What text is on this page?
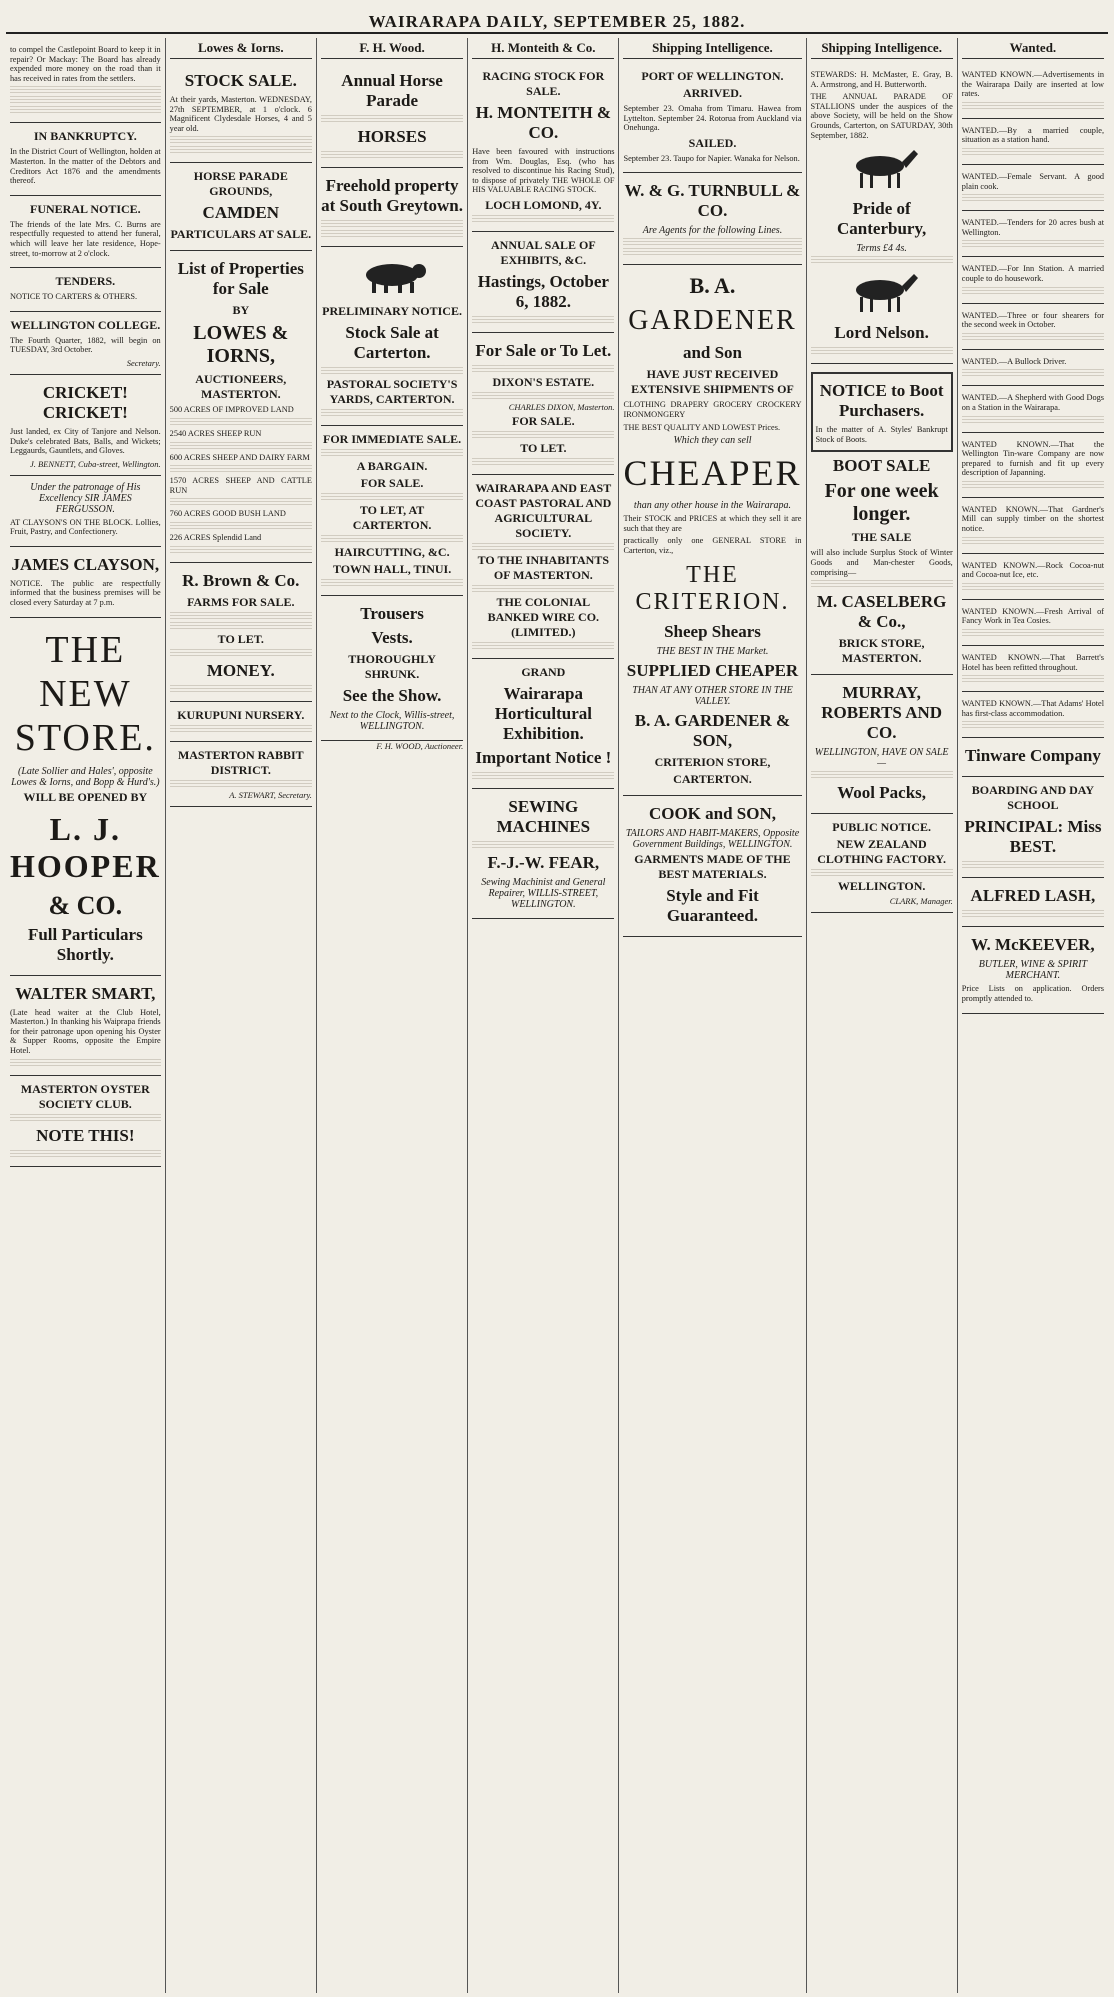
WAIRARAPA DAILY, SEPTEMBER 25, 1882.
to compel the Castlepoint Board to keep it in repair? Or Mackay: The Board has already expended more money on the road than it has received in rates from the settlers.
IN BANKRUPTCY.
In the District Court of Wellington, holden at Masterton. In the matter of the Debtors and Creditors Act 1876 and the amendments thereof.
FUNERAL NOTICE.
The friends of the late Mrs. C. Burns are respectfully requested to attend her funeral, which will leave her late residence, Hope-street, to-morrow at 2 o'clock.
TENDERS.
NOTICE TO CARTERS & OTHERS.
WELLINGTON COLLEGE.
The Fourth Quarter, 1882, will begin on TUESDAY, 3rd October.
Secretary.
CRICKET! CRICKET!
Just landed, ex City of Tanjore and Nelson. Duke's celebrated Bats, Balls, and Wickets; Leggaurds, Gauntlets, and Gloves.
J. BENNETT, Cuba-street, Wellington.
Under the patronage of His Excellency SIR JAMES FERGUSSON.
AT CLAYSON'S ON THE BLOCK. Lollies, Fruit, Pastry, and Confectionery.
JAMES CLAYSON,
NOTICE. The public are respectfully informed that the business premises will be closed every Saturday at 7 p.m.
THE NEW STORE.
(Late Sollier and Hales', opposite Lowes & Iorns, and Bopp & Hurd's.)
WILL BE OPENED BY
L. J. HOOPER
& CO.
Full Particulars Shortly.
WALTER SMART,
(Late head waiter at the Club Hotel, Masterton.) In thanking his Waiprapa friends for their patronage upon opening his Oyster & Supper Rooms, opposite the Empire Hotel.
MASTERTON OYSTER SOCIETY CLUB.
NOTE THIS!
Lowes & Iorns.
STOCK SALE.
At their yards, Masterton. WEDNESDAY, 27th SEPTEMBER, at 1 o'clock. 6 Magnificent Clydesdale Horses, 4 and 5 year old.
HORSE PARADE GROUNDS,
CAMDEN
PARTICULARS AT SALE.
List of Properties for Sale
BY
LOWES & IORNS,
AUCTIONEERS, MASTERTON.
500 ACRES OF IMPROVED LAND
2540 ACRES SHEEP RUN
600 ACRES SHEEP AND DAIRY FARM
1570 ACRES SHEEP AND CATTLE RUN
760 ACRES GOOD BUSH LAND
226 ACRES Splendid Land
R. Brown & Co.
FARMS FOR SALE.
TO LET.
MONEY.
KURUPUNI NURSERY.
MASTERTON RABBIT DISTRICT.
A. STEWART, Secretary.
F. H. Wood.
Annual Horse Parade
HORSES
Freehold property at South Greytown.
PRELIMINARY NOTICE.
Stock Sale at Carterton.
PASTORAL SOCIETY'S YARDS, CARTERTON.
FOR IMMEDIATE SALE.
A BARGAIN.
FOR SALE.
TO LET, AT CARTERTON.
HAIRCUTTING, &C.
TOWN HALL, TINUI.
Trousers
Vests.
THOROUGHLY SHRUNK.
See the Show.
Next to the Clock, Willis-street, WELLINGTON.
F. H. WOOD, Auctioneer.
H. Monteith & Co.
RACING STOCK FOR SALE.
H. MONTEITH & CO.
Have been favoured with instructions from Wm. Douglas, Esq. (who has resolved to discontinue his Racing Stud), to dispose of privately THE WHOLE OF HIS VALUABLE RACING STOCK.
LOCH LOMOND, 4Y.
ANNUAL SALE OF EXHIBITS, &C.
Hastings, October 6, 1882.
For Sale or To Let.
DIXON'S ESTATE.
CHARLES DIXON, Masterton.
FOR SALE.
TO LET.
WAIRARAPA AND EAST COAST PASTORAL AND AGRICULTURAL SOCIETY.
TO THE INHABITANTS OF MASTERTON.
THE COLONIAL BANKED WIRE CO. (LIMITED.)
GRAND
Wairarapa Horticultural Exhibition.
Important Notice !
SEWING MACHINES
F.-J.-W. FEAR,
Sewing Machinist and General Repairer, WILLIS-STREET, WELLINGTON.
Shipping Intelligence.
PORT OF WELLINGTON.
ARRIVED.
September 23. Omaha from Timaru. Hawea from Lyttelton. September 24. Rotorua from Auckland via Onehunga.
SAILED.
September 23. Taupo for Napier. Wanaka for Nelson.
W. & G. TURNBULL & CO.
Are Agents for the following Lines.
B. A.
GARDENER
and Son
HAVE JUST RECEIVED EXTENSIVE SHIPMENTS OF
CLOTHING DRAPERY GROCERY CROCKERY IRONMONGERY
THE BEST QUALITY AND LOWEST Prices.
Which they can sell
CHEAPER
than any other house in the Wairarapa.
Their STOCK and PRICES at which they sell it are such that they are
practically only one GENERAL STORE in Carterton, viz.,
THE CRITERION.
Sheep Shears
THE BEST IN THE Market.
SUPPLIED CHEAPER
THAN AT ANY OTHER STORE IN THE VALLEY.
B. A. GARDENER & SON,
CRITERION STORE,
CARTERTON.
COOK and SON,
TAILORS AND HABIT-MAKERS, Opposite Government Buildings, WELLINGTON.
GARMENTS MADE OF THE BEST MATERIALS.
Style and Fit Guaranteed.
Shipping Intelligence.
STEWARDS: H. McMaster, E. Gray, B. A. Armstrong, and H. Butterworth.
THE ANNUAL PARADE OF STALLIONS under the auspices of the above Society, will be held on the Show Grounds, Carterton, on SATURDAY, 30th September, 1882.
Pride of Canterbury,
Terms £4 4s.
Lord Nelson.
NOTICE to Boot Purchasers.
In the matter of A. Styles' Bankrupt Stock of Boots.
BOOT SALE
For one week longer.
THE SALE
will also include Surplus Stock of Winter Goods and Man-chester Goods, comprising—
M. CASELBERG & Co.,
BRICK STORE, MASTERTON.
MURRAY, ROBERTS AND CO.
WELLINGTON, HAVE ON SALE—
Wool Packs,
PUBLIC NOTICE.
NEW ZEALAND CLOTHING FACTORY.
WELLINGTON.
CLARK, Manager.
Wanted.
WANTED KNOWN.—Advertisements in the Wairarapa Daily are inserted at low rates.
WANTED.—By a married couple, situation as a station hand.
WANTED.—Female Servant. A good plain cook.
WANTED.—Tenders for 20 acres bush at Wellington.
WANTED.—For Inn Station. A married couple to do housework.
WANTED.—Three or four shearers for the second week in October.
WANTED.—A Bullock Driver.
WANTED.—A Shepherd with Good Dogs on a Station in the Wairarapa.
WANTED KNOWN.—That the Wellington Tin-ware Company are now prepared to furnish and fit up every description of Japanning.
WANTED KNOWN.—That Gardner's Mill can supply timber on the shortest notice.
WANTED KNOWN.—Rock Cocoa-nut and Cocoa-nut Ice, etc.
WANTED KNOWN.—Fresh Arrival of Fancy Work in Tea Cosies.
WANTED KNOWN.—That Barrett's Hotel has been refitted throughout.
WANTED KNOWN.—That Adams' Hotel has first-class accommodation.
Tinware Company
BOARDING AND DAY SCHOOL
PRINCIPAL: Miss BEST.
ALFRED LASH,
W. McKEEVER,
BUTLER, WINE & SPIRIT MERCHANT.
Price Lists on application. Orders promptly attended to.
